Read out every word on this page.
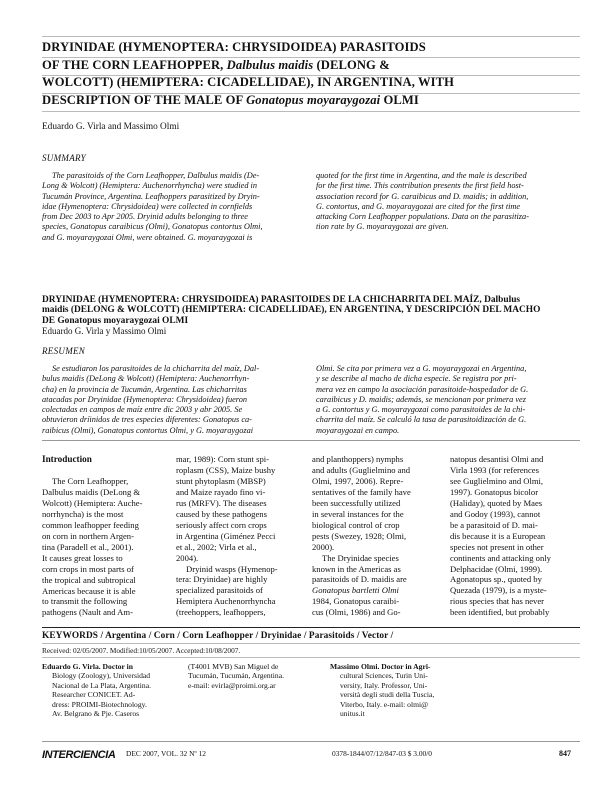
DRYINIDAE (HYMENOPTERA: CHRYSIDOIDEA) PARASITOIDS
OF THE CORN LEAFHOPPER, Dalbulus maidis (DELONG &
WOLCOTT) (HEMIPTERA: CICADELLIDAE), IN ARGENTINA, WITH
DESCRIPTION OF THE MALE OF Gonatopus moyaraygozai OLMI
Eduardo G. Virla and Massimo Olmi
SUMMARY
The parasitoids of the Corn Leafhopper, Dalbulus maidis (De-
Long & Wolcott) (Hemiptera: Auchenorrhyncha) were studied in
Tucumán Province, Argentina. Leafhoppers parasitized by Dryin-
idae (Hymenoptera: Chrysidoidea) were collected in cornfields
from Dec 2003 to Apr 2005. Dryinid adults belonging to three
species, Gonatopus caraibicus (Olmi), Gonatopus contortus Olmi,
and G. moyaraygozai Olmi, were obtained. G. moyaraygozai is
quoted for the first time in Argentina, and the male is described
for the first time. This contribution presents the first field host-
association record for G. caraibicus and D. maidis; in addition,
G. contortus, and G. moyaraygozai are cited for the first time
attacking Corn Leafhopper populations. Data on the parasitiza-
tion rate by G. moyaraygozai are given.
DRYINIDAE (HYMENOPTERA: CHRYSIDOIDEA) PARASITOIDES DE LA CHICHARRITA DEL MAÍZ, Dalbulus
maidis (DELONG & WOLCOTT) (HEMIPTERA: CICADELLIDAE), EN ARGENTINA, Y DESCRIPCIÓN DEL MACHO
DE Gonatopus moyaraygozai OLMI
Eduardo G. Virla y Massimo Olmi
RESUMEN
Se estudiaron los parasitoides de la chicharrita del maíz, Dal-
bulus maidis (DeLong & Wolcott) (Hemiptera: Auchenorrhyn-
cha) en la provincia de Tucumán, Argentina. Las chicharritas
atacadas por Dryinidae (Hymenoptera: Chrysidoidea) fueron
colectadas en campos de maíz entre dic 2003 y abr 2005. Se
obtuvieron dríinidos de tres especies diferentes: Gonatopus ca-
raibicus (Olmi), Gonatopus contortus Olmi, y G. moyaraygozai
Olmi. Se cita por primera vez a G. moyaraygozai en Argentina,
y se describe al macho de dicha especie. Se registra por pri-
mera vez en campo la asociación parasitoide-hospedador de G.
caraibicus y D. maidis; además, se mencionan por primera vez
a G. contortus y G. moyaraygozai como parasitoides de la chi-
charrita del maíz. Se calculó la tasa de parasitoidización de G.
moyaraygozai en campo.
Introduction
The Corn Leafhopper,
Dalbulus maidis (DeLong &
Wolcott) (Hemiptera: Auche-
norrhyncha) is the most
common leafhopper feeding
on corn in northern Argen-
tina (Paradell et al., 2001).
It causes great losses to
corn crops in most parts of
the tropical and subtropical
Americas because it is able
to transmit the following
pathogens (Nault and Am-
mar, 1989): Corn stunt spi-
roplasm (CSS), Maize bushy
stunt phytoplasm (MBSP)
and Maize rayado fino vi-
rus (MRFV). The diseases
caused by these pathogens
seriously affect corn crops
in Argentina (Giménez Pecci
et al., 2002; Virla et al.,
2004).
Dryinid wasps (Hymenop-
tera: Dryinidae) are highly
specialized parasitoids of
Hemiptera Auchenorrhyncha
(treehoppers, leafhoppers,
and planthoppers) nymphs
and adults (Guglielmino and
Olmi, 1997, 2006). Repre-
sentatives of the family have
been successfully utilized
in several instances for the
biological control of crop
pests (Swezey, 1928; Olmi,
2000).
The Dryinidae species
known in the Americas as
parasitoids of D. maidis are
Gonatopus bartletti Olmi
1984, Gonatopus caraibi-
cus (Olmi, 1986) and Go-
natopus desantisi Olmi and
Virla 1993 (for references
see Guglielmino and Olmi,
1997). Gonatopus bicolor
(Haliday), quoted by Maes
and Godoy (1993), cannot
be a parasitoid of D. mai-
dis because it is a European
species not present in other
continents and attacking only
Delphacidae (Olmi, 1999).
Agonatopus sp., quoted by
Quezada (1979), is a myste-
rious species that has never
been identified, but probably
KEYWORDS / Argentina / Corn / Corn Leafhopper / Dryinidae / Parasitoids / Vector /
Received: 02/05/2007. Modified:10/05/2007. Accepted:10/08/2007.
Eduardo G. Virla. Doctor in
Biology (Zoology), Universidad
Nacional de La Plata, Argentina.
Researcher CONICET. Ad-
dress: PROIMI-Biotechnology.
Av. Belgrano & Pje. Caseros
(T4001 MVB) San Miguel de
Tucumán, Tucumán, Argentina.
e-mail: evirla@proimi.org.ar
Massimo Olmi. Doctor in Agri-
cultural Sciences, Turin Uni-
versity, Italy. Professor, Uni-
versità degli studi della Tuscia,
Viterbo, Italy. e-mail: olmi@
unitus.it
INTERCIENCIA	DEC 2007, VOL. 32 Nº 12	0378-1844/07/12/847-03 $ 3.00/0	847
